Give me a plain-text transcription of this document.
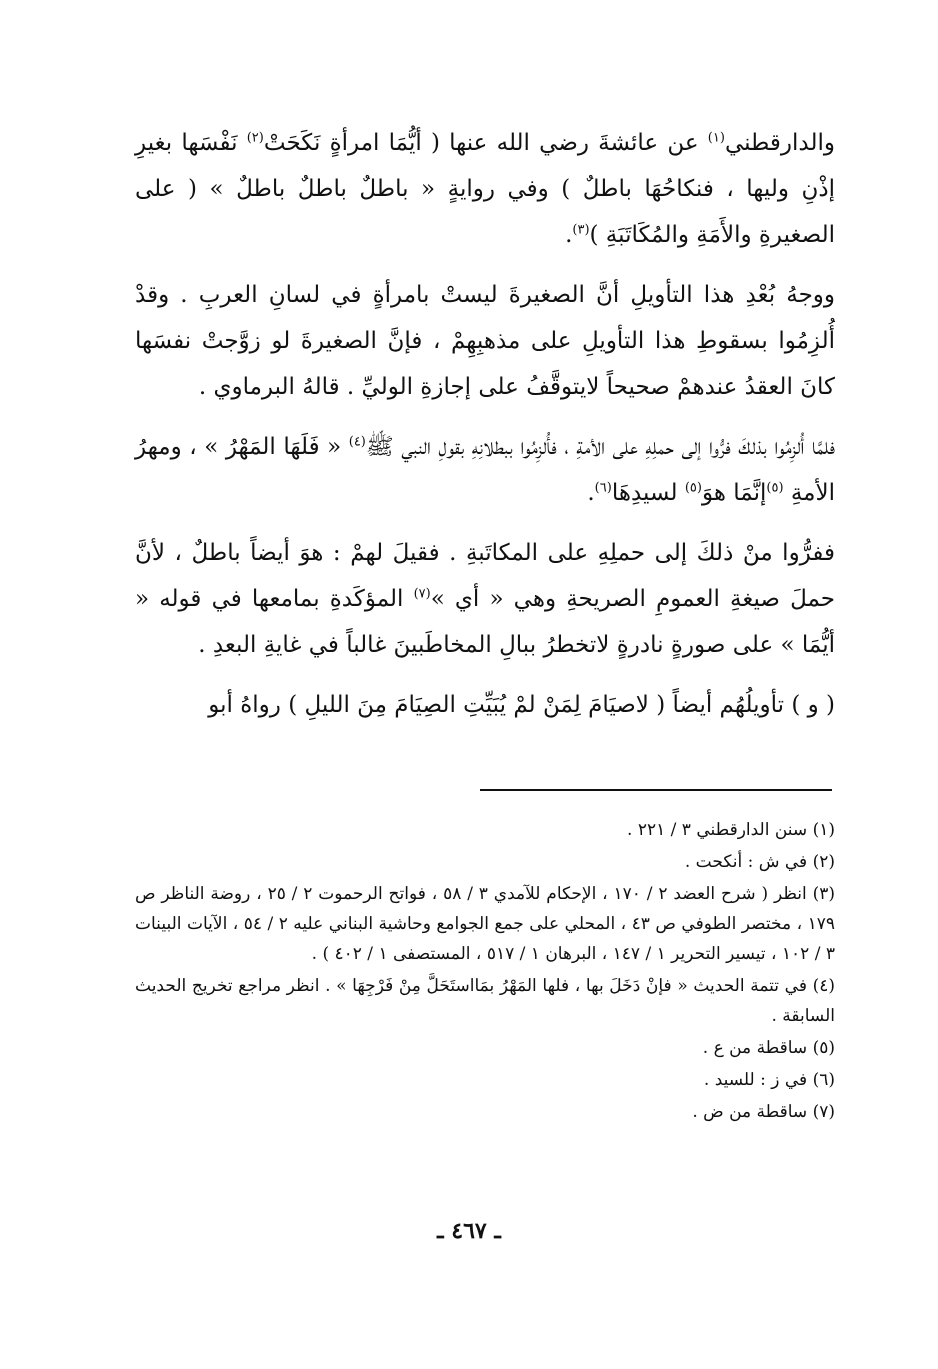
والدارقطني$^{(١)}$ عن عائشةَ رضي الله عنها ( أيُّمَا امرأةٍ نَكَحَتْ$^{(٢)}$ نَفْسَها بغيرِ إذْنِ وليها ، فنكاحُهَا باطلٌ ) وفي روايةٍ « باطلٌ باطلٌ باطلٌ » ( على الصغيرةِ والأَمَةِ والمُكَاتَبَةِ )$^{(٣)}$.

ووجهُ بُعْدِ هذا التأويلِ أنَّ الصغيرةَ ليستْ بامرأةٍ في لسانِ العربِ . وقدْ أُلزِمُوا بسقوطِ هذا التأويلِ على مذهبِهِمْ ، فإنَّ الصغيرةَ لو زوَّجتْ نفسَها كانَ العقدُ عندهمْ صحيحاً لايتوقَّفُ على إجازةِ الوليِّ . قالهُ البرماوي .

فلمَّا أُلزِمُوا بذلكَ فرُّوا إلى حملِهِ على الأمةِ ، فأُلزِمُوا ببطلانِهِ بقولِ النبي ﷺ$^{(٤)}$ « فَلَهَا المَهْرُ » ، ومهرُ الأمةِ $^{(٥)}$إنَّمَا هوَ$^{(٥)}$ لسيدِهَا$^{(٦)}$.

ففرُّوا منْ ذلكَ إلى حملِهِ على المكاتَبةِ . فقيلَ لهمْ : هوَ أيضاً باطلٌ ، لأنَّ حملَ صيغةِ العمومِ الصريحةِ وهي « أي »$^{(٧)}$ المؤكَدةِ بمامعها في قوله « أيُّمَا » على صورةٍ نادرةٍ لاتخطرُ ببالِ المخاطَبينَ غالباً في غايةِ البعدِ .

( و ) تأويلُهُم أيضاً ( لاصيَامَ لِمَنْ لمْ يُبَيِّتِ الصِيَامَ مِنَ الليلِ ) رواهُ أبو

(١) سنن الدارقطني ٣ / ٢٢١ .

(٢) في ش : أنكحت .

(٣) انظر ( شرح العضد ٢ / ١٧٠ ، الإحكام للآمدي ٣ / ٥٨ ، فواتح الرحموت ٢ / ٢٥ ، روضة الناظر ص ١٧٩ ، مختصر الطوفي ص ٤٣ ، المحلي على جمع الجوامع وحاشية البناني عليه ٢ / ٥٤ ، الآيات البينات ٣ / ١٠٢ ، تيسير التحرير ١ / ١٤٧ ، البرهان ١ / ٥١٧ ، المستصفى ١ / ٤٠٢ ) .

(٤) في تتمة الحديث « فإنْ دَخَلَ بها ، فلها المَهْرُ بمَااستَحَلَّ مِنْ فَرْجِهَا » . انظر مراجع تخريج الحديث السابقة .

(٥) ساقطة من ع .

(٦) في ز : للسيد .

(٧) ساقطة من ض .

ـ ٤٦٧ ـ
